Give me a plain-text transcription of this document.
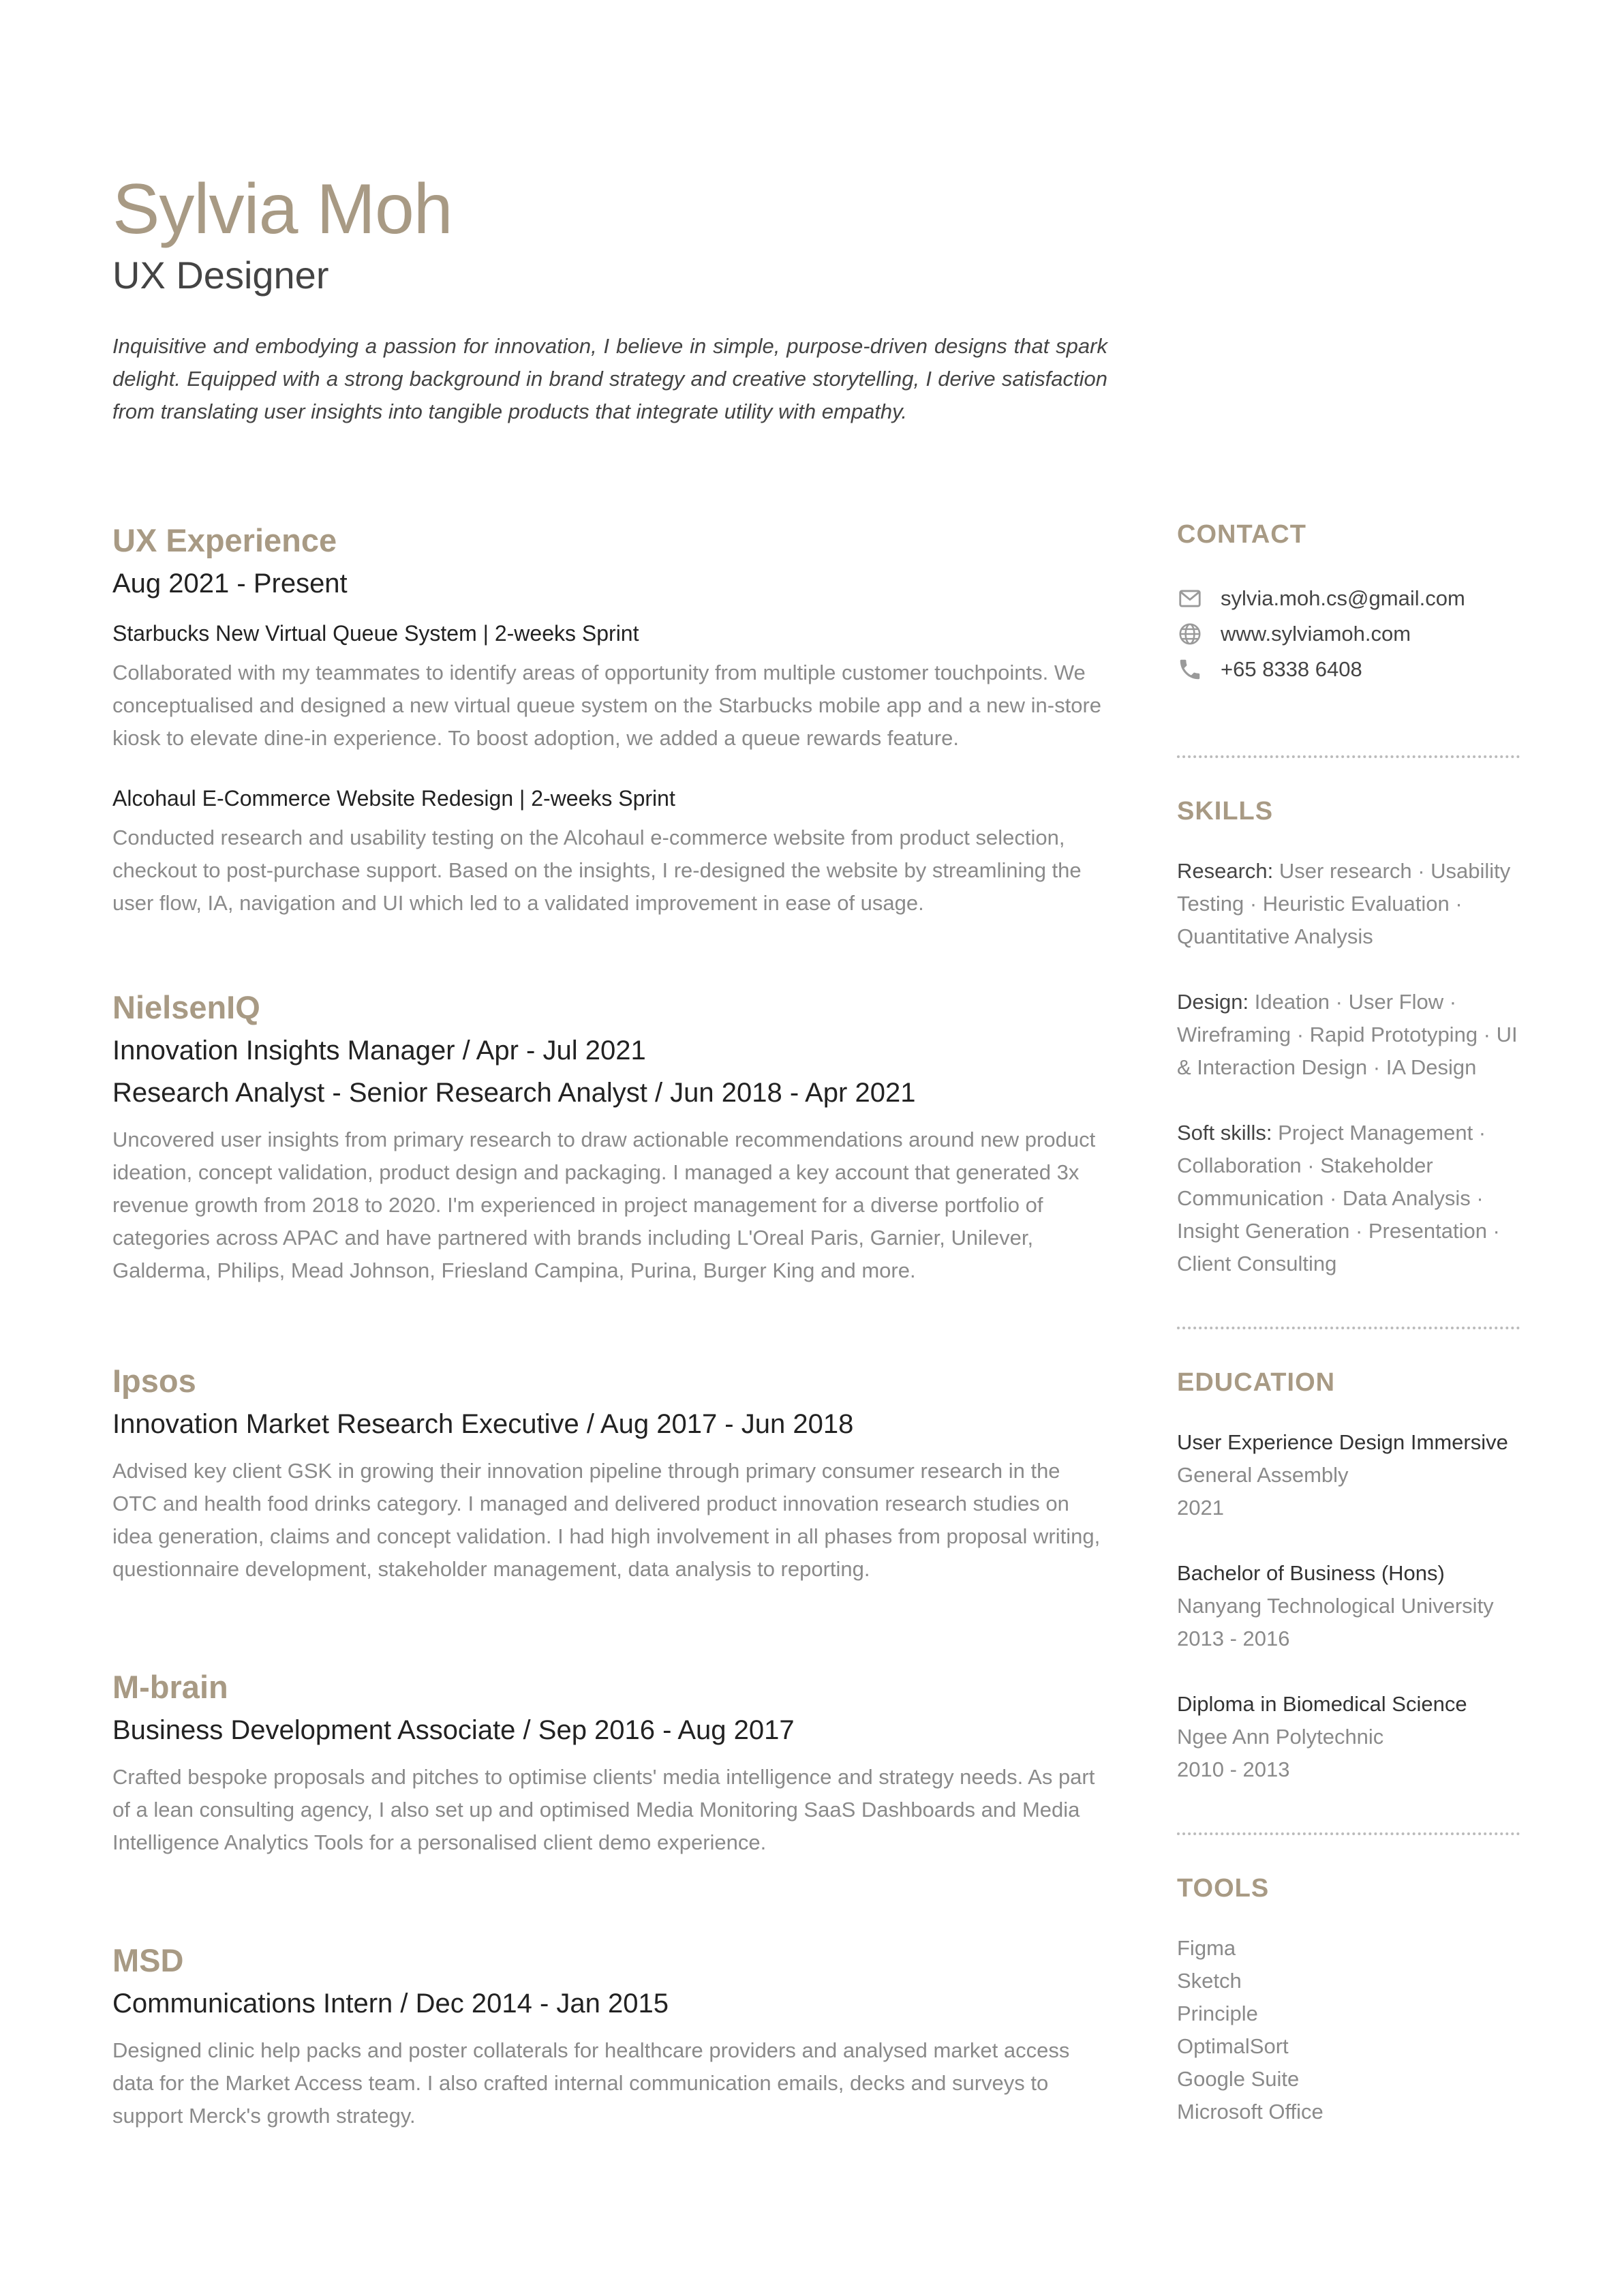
Sylvia Moh
UX Designer

Inquisitive and embodying a passion for innovation, I believe in simple, purpose-driven designs that spark delight. Equipped with a strong background in brand strategy and creative storytelling, I derive satisfaction from translating user insights into tangible products that integrate utility with empathy.

UX Experience

Aug 2021 - Present

Starbucks New Virtual Queue System | 2-weeks Sprint

Collaborated with my teammates to identify areas of opportunity from multiple customer touchpoints. We conceptualised and designed a new virtual queue system on the Starbucks mobile app and a new in-store kiosk to elevate dine-in experience. To boost adoption, we added a queue rewards feature.

Alcohaul E-Commerce Website Redesign | 2-weeks Sprint

Conducted research and usability testing on the Alcohaul e-commerce website from product selection, checkout to post-purchase support. Based on the insights, I re-designed the website by streamlining the user flow, IA, navigation and UI which led to a validated improvement in ease of usage.

NielsenIQ

Innovation Insights Manager / Apr - Jul 2021

Research Analyst - Senior Research Analyst / Jun 2018 - Apr 2021

Uncovered user insights from primary research to draw actionable recommendations around new product ideation, concept validation, product design and packaging. I managed a key account that generated 3x revenue growth from 2018 to 2020. I'm experienced in project management for a diverse portfolio of categories across APAC and have partnered with brands including L'Oreal Paris, Garnier, Unilever, Galderma, Philips, Mead Johnson, Friesland Campina, Purina, Burger King and more.

Ipsos

Innovation Market Research Executive / Aug 2017 - Jun 2018

Advised key client GSK in growing their innovation pipeline through primary consumer research in the OTC and health food drinks category. I managed and delivered product innovation research studies on idea generation, claims and concept validation. I had high involvement in all phases from proposal writing, questionnaire development, stakeholder management, data analysis to reporting.

M-brain

Business Development Associate / Sep 2016 - Aug 2017

Crafted bespoke proposals and pitches to optimise clients' media intelligence and strategy needs. As part of a lean consulting agency, I also set up and optimised Media Monitoring SaaS Dashboards and Media Intelligence Analytics Tools for a personalised client demo experience.

MSD

Communications Intern / Dec 2014 - Jan 2015

Designed clinic help packs and poster collaterals for healthcare providers and analysed market access data for the Market Access team. I also crafted internal communication emails, decks and surveys to support Merck's growth strategy.

CONTACT
sylvia.moh.cs@gmail.com
www.sylviamoh.com
+65 8338 6408
SKILLS

Research: User research · Usability Testing · Heuristic Evaluation · Quantitative Analysis

Design: Ideation · User Flow · Wireframing · Rapid Prototyping · UI & Interaction Design · IA Design

Soft skills: Project Management · Collaboration · Stakeholder Communication · Data Analysis · Insight Generation · Presentation · Client Consulting

EDUCATION

User Experience Design Immersive

General Assembly

2021

Bachelor of Business (Hons)

Nanyang Technological University

2013 - 2016

Diploma in Biomedical Science

Ngee Ann Polytechnic

2010 - 2013

TOOLS

Figma

Sketch

Principle

OptimalSort

Google Suite

Microsoft Office
